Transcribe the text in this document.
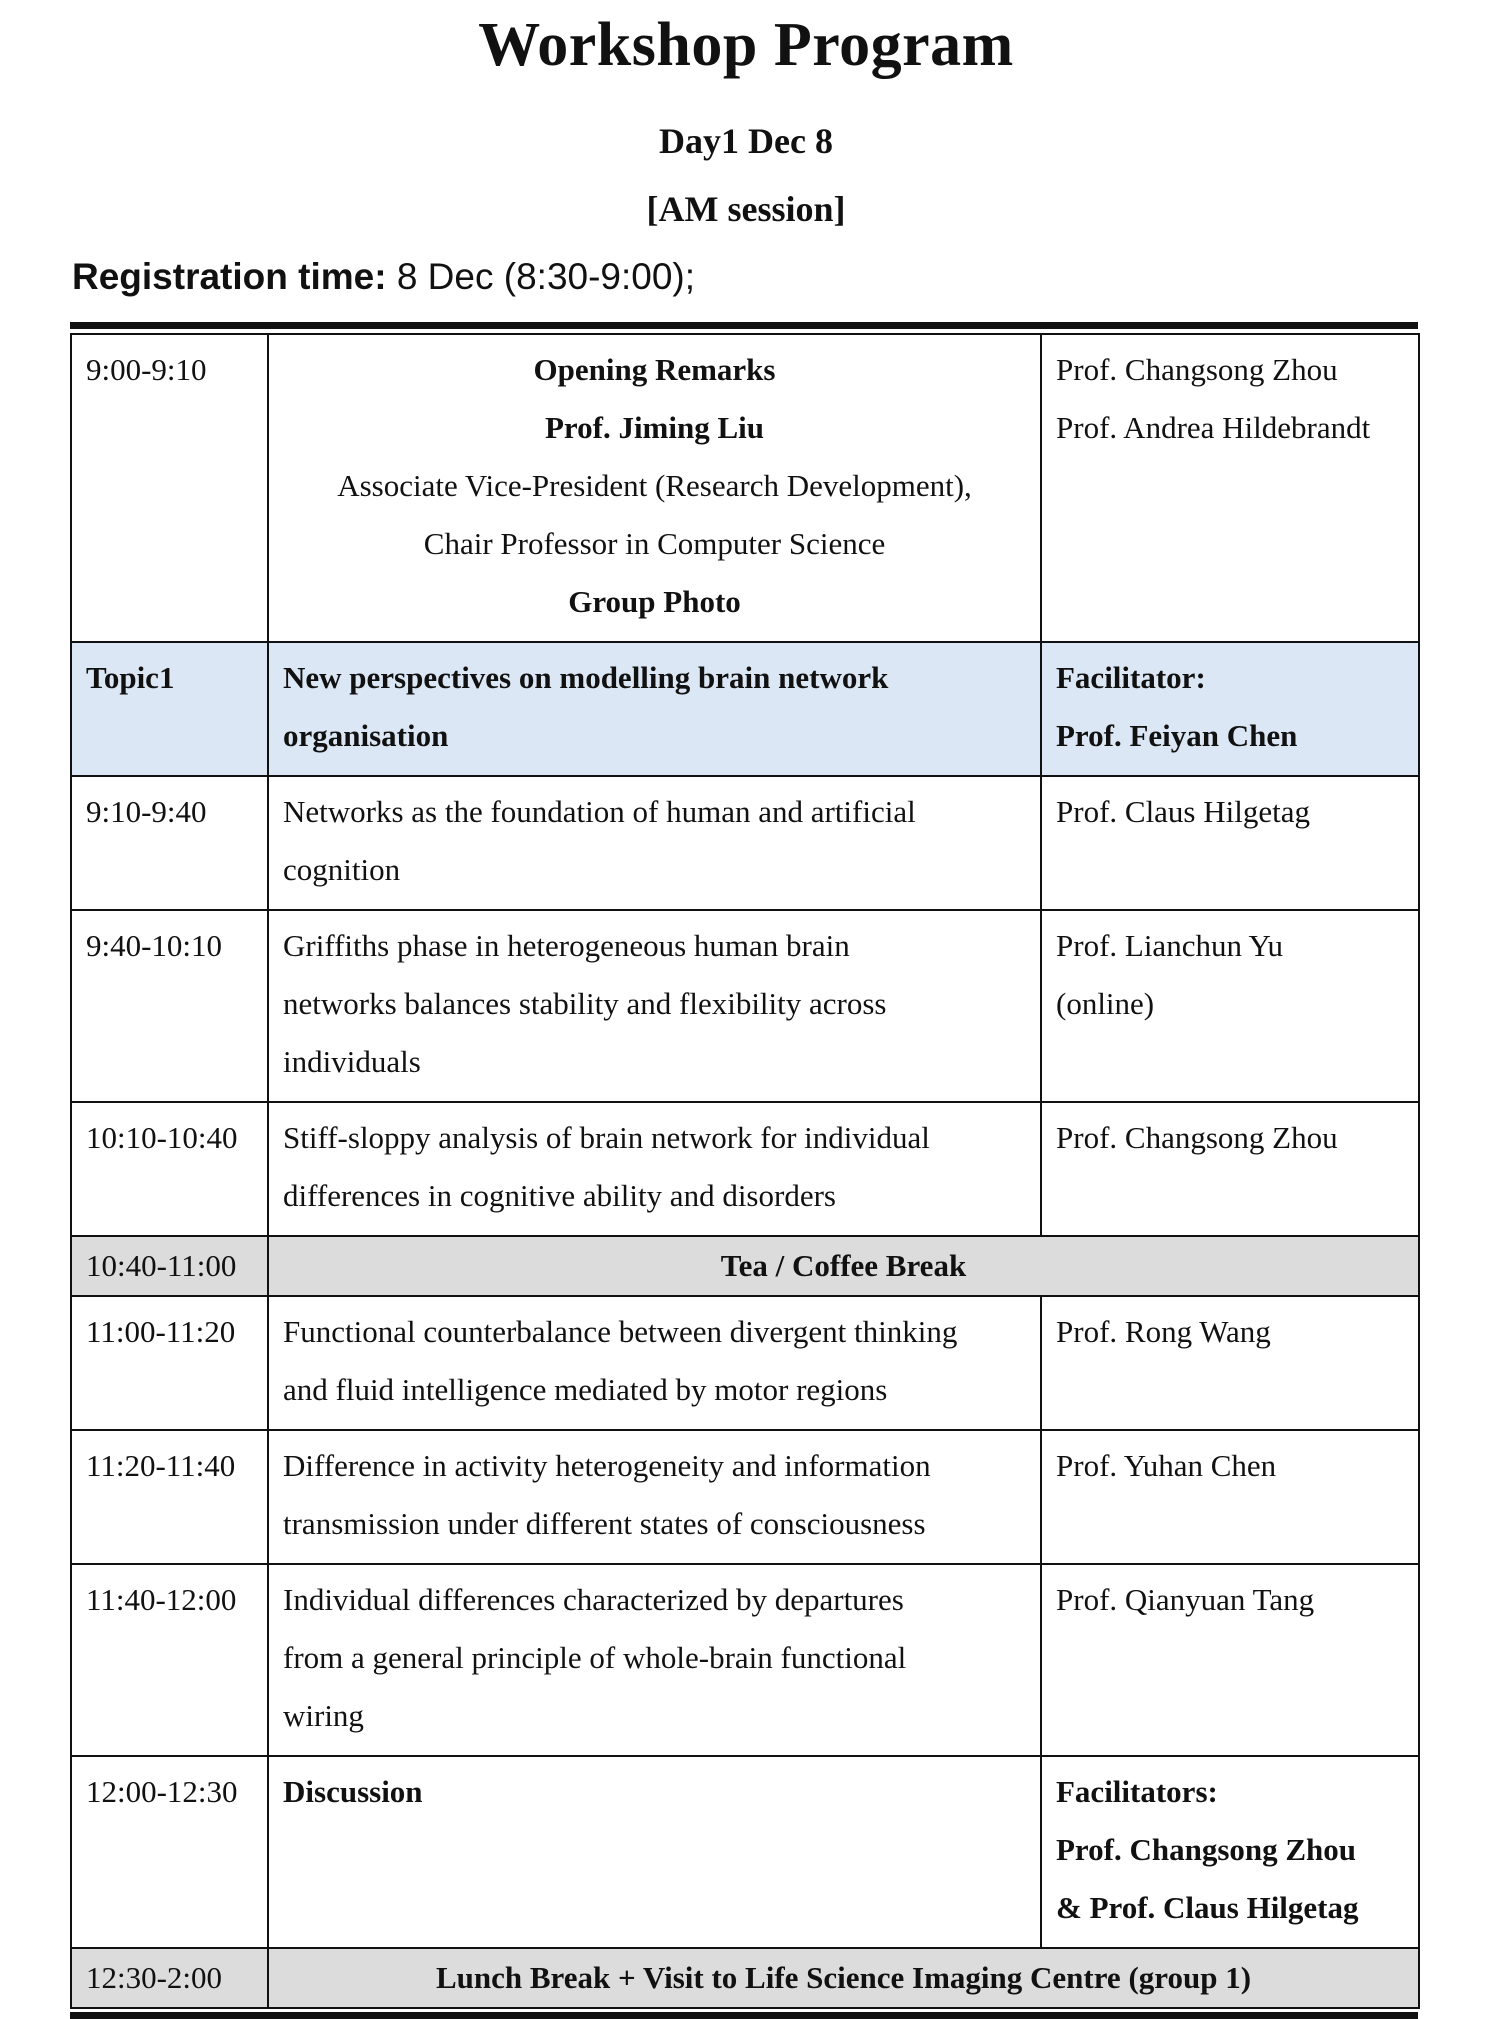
Workshop Program
Day1 Dec 8
[AM session]
Registration time: 8 Dec (8:30-9:00);
9:00-9:10	Opening Remarks
Prof. Jiming Liu
Associate Vice-President (Research Development),
Chair Professor in Computer Science
Group Photo	Prof. Changsong Zhou
Prof. Andrea Hildebrandt

Topic1	New perspectives on modelling brain network
organisation	Facilitator:
Prof. Feiyan Chen

9:10-9:40	Networks as the foundation of human and artificial
cognition	Prof. Claus Hilgetag

9:40-10:10	Griffiths phase in heterogeneous human brain
networks balances stability and flexibility across
individuals	Prof. Lianchun Yu
(online)

10:10-10:40	Stiff-sloppy analysis of brain network for individual
differences in cognitive ability and disorders	Prof. Changsong Zhou

10:40-11:00	Tea / Coffee Break	
11:00-11:20	Functional counterbalance between divergent thinking
and fluid intelligence mediated by motor regions	Prof. Rong Wang

11:20-11:40	Difference in activity heterogeneity and information
transmission under different states of consciousness	Prof. Yuhan Chen

11:40-12:00	Individual differences characterized by departures
from a general principle of whole-brain functional
wiring	Prof. Qianyuan Tang

12:00-12:30	Discussion	Facilitators:
Prof. Changsong Zhou
& Prof. Claus Hilgetag

12:30-2:00	Lunch Break + Visit to Life Science Imaging Centre (group 1)	
